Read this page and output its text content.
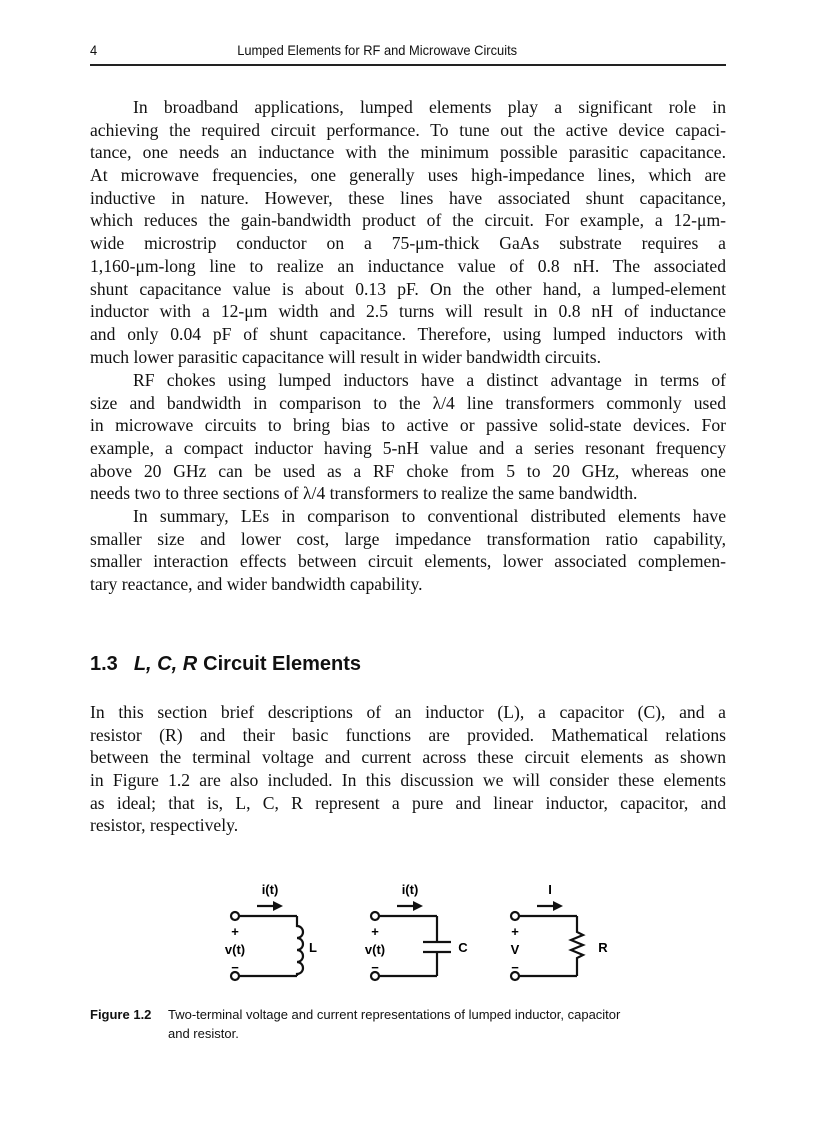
4	Lumped Elements for RF and Microwave Circuits
In broadband applications, lumped elements play a significant role in
achieving the required circuit performance. To tune out the active device capaci-
tance, one needs an inductance with the minimum possible parasitic capacitance.
At microwave frequencies, one generally uses high-impedance lines, which are
inductive in nature. However, these lines have associated shunt capacitance,
which reduces the gain-bandwidth product of the circuit. For example, a 12-μm-
wide microstrip conductor on a 75-μm-thick GaAs substrate requires a
1,160-μm-long line to realize an inductance value of 0.8 nH. The associated
shunt capacitance value is about 0.13 pF. On the other hand, a lumped-element
inductor with a 12-μm width and 2.5 turns will result in 0.8 nH of inductance
and only 0.04 pF of shunt capacitance. Therefore, using lumped inductors with
much lower parasitic capacitance will result in wider bandwidth circuits.
RF chokes using lumped inductors have a distinct advantage in terms of
size and bandwidth in comparison to the λ/4 line transformers commonly used
in microwave circuits to bring bias to active or passive solid-state devices. For
example, a compact inductor having 5-nH value and a series resonant frequency
above 20 GHz can be used as a RF choke from 5 to 20 GHz, whereas one
needs two to three sections of λ/4 transformers to realize the same bandwidth.
In summary, LEs in comparison to conventional distributed elements have
smaller size and lower cost, large impedance transformation ratio capability,
smaller interaction effects between circuit elements, lower associated complemen-
tary reactance, and wider bandwidth capability.
1.3 L, C, R Circuit Elements
In this section brief descriptions of an inductor (L), a capacitor (C), and a
resistor (R) and their basic functions are provided. Mathematical relations
between the terminal voltage and current across these circuit elements as shown
in Figure 1.2 are also included. In this discussion we will consider these elements
as ideal; that is, L, C, R represent a pure and linear inductor, capacitor, and
resistor, respectively.
i(t)
+
v(t)
−
L
i(t)
+
v(t)
−
C
I
+
V
−
R
Figure 1.2 Two-terminal voltage and current representations of lumped inductor, capacitor
and resistor.
